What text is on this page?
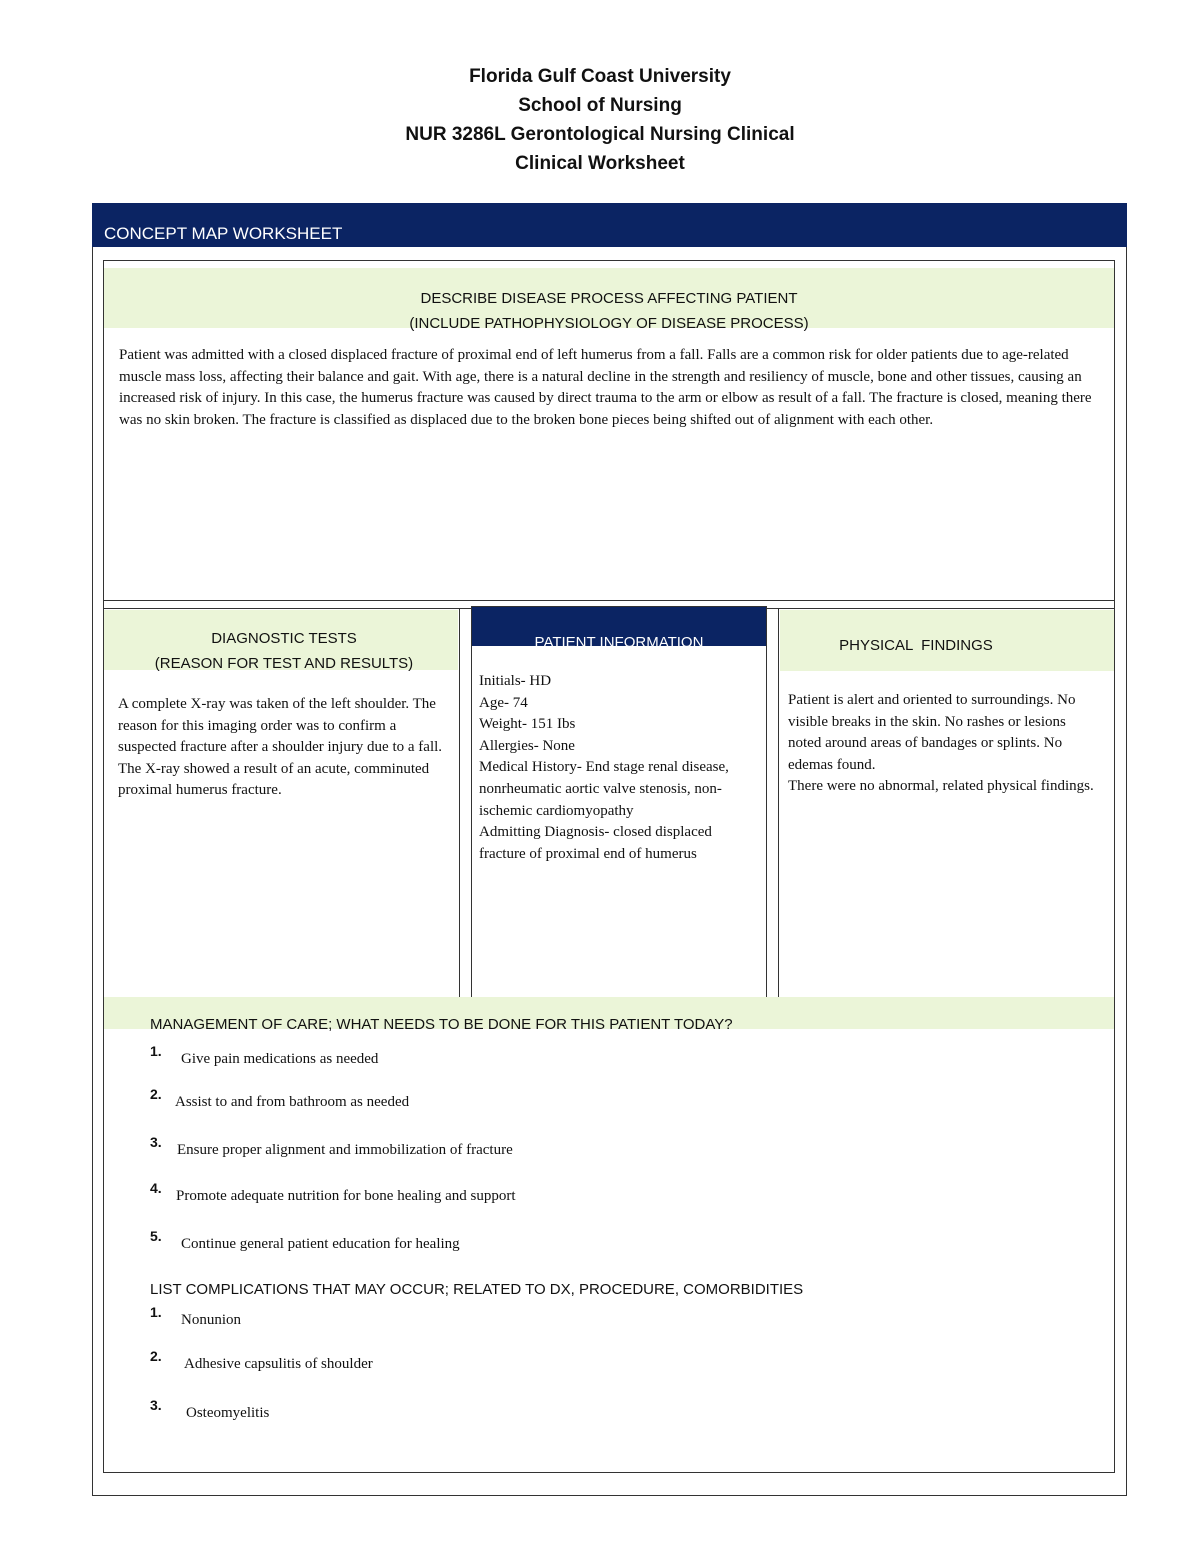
Florida Gulf Coast University
School of Nursing
NUR 3286L Gerontological Nursing Clinical
Clinical Worksheet
CONCEPT MAP WORKSHEET
DESCRIBE DISEASE PROCESS AFFECTING PATIENT
(INCLUDE PATHOPHYSIOLOGY OF DISEASE PROCESS)
Patient was admitted with a closed displaced fracture of proximal end of left humerus from a fall. Falls are a common risk for older patients due to age-related muscle mass loss, affecting their balance and gait. With age, there is a natural decline in the strength and resiliency of muscle, bone and other tissues, causing an increased risk of injury. In this case, the humerus fracture was caused by direct trauma to the arm or elbow as result of a fall. The fracture is closed, meaning there was no skin broken. The fracture is classified as displaced due to the broken bone pieces being shifted out of alignment with each other.
DIAGNOSTIC TESTS
(REASON FOR TEST AND RESULTS)
A complete X-ray was taken of the left shoulder. The reason for this imaging order was to confirm a suspected fracture after a shoulder injury due to a fall. The X-ray showed a result of an acute, comminuted proximal humerus fracture.
PATIENT INFORMATION
Initials- HD
Age- 74
Weight- 151 Ibs
Allergies- None
Medical History- End stage renal disease, nonrheumatic aortic valve stenosis, non-ischemic cardiomyopathy
Admitting Diagnosis- closed displaced fracture of proximal end of humerus
PHYSICAL  FINDINGS
Patient is alert and oriented to surroundings. No visible breaks in the skin. No rashes or lesions noted around areas of bandages or splints. No edemas found.
There were no abnormal, related physical findings.
MANAGEMENT OF CARE; WHAT NEEDS TO BE DONE FOR THIS PATIENT TODAY?
1. Give pain medications as needed
2. Assist to and from bathroom as needed
3. Ensure proper alignment and immobilization of fracture
4. Promote adequate nutrition for bone healing and support
5. Continue general patient education for healing
LIST COMPLICATIONS THAT MAY OCCUR; RELATED TO DX, PROCEDURE, COMORBIDITIES
1. Nonunion
2. Adhesive capsulitis of shoulder
3. Osteomyelitis
